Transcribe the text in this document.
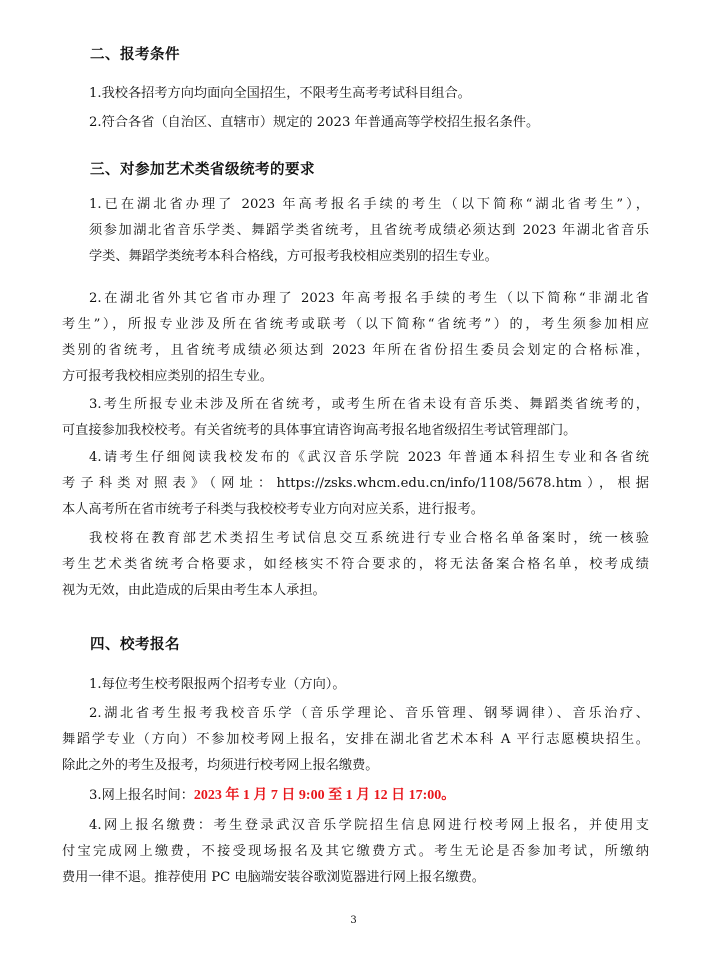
二、报考条件
1.我校各招考方向均面向全国招生，不限考生高考考试科目组合。
2.符合各省（自治区、直辖市）规定的 2023 年普通高等学校招生报名条件。
三、对参加艺术类省级统考的要求
1.已在湖北省办理了 2023 年高考报名手续的考生（以下简称“湖北省考生”），
须参加湖北省音乐学类、舞蹈学类省统考，且省统考成绩必须达到 2023 年湖北省音乐
学类、舞蹈学类统考本科合格线，方可报考我校相应类别的招生专业。
2.在湖北省外其它省市办理了 2023 年高考报名手续的考生（以下简称“非湖北省
考生”），所报专业涉及所在省统考或联考（以下简称“省统考”）的，考生须参加相应
类别的省统考，且省统考成绩必须达到 2023 年所在省份招生委员会划定的合格标准，
方可报考我校相应类别的招生专业。
3.考生所报专业未涉及所在省统考，或考生所在省未设有音乐类、舞蹈类省统考的，
可直接参加我校校考。有关省统考的具体事宜请咨询高考报名地省级招生考试管理部门。
4.请考生仔细阅读我校发布的《武汉音乐学院 2023 年普通本科招生专业和各省统
考子科类对照表》（网址：https://zsks.whcm.edu.cn/info/1108/5678.htm），根据
本人高考所在省市统考子科类与我校校考专业方向对应关系，进行报考。
我校将在教育部艺术类招生考试信息交互系统进行专业合格名单备案时，统一核验
考生艺术类省统考合格要求，如经核实不符合要求的，将无法备案合格名单，校考成绩
视为无效，由此造成的后果由考生本人承担。
四、校考报名
1.每位考生校考限报两个招考专业（方向）。
2.湖北省考生报考我校音乐学（音乐学理论、音乐管理、钢琴调律）、音乐治疗、
舞蹈学专业（方向）不参加校考网上报名，安排在湖北省艺术本科 A 平行志愿模块招生。
除此之外的考生及报考，均须进行校考网上报名缴费。
3.网上报名时间：2023 年 1 月 7 日 9:00 至 1 月 12 日 17:00。
4.网上报名缴费：考生登录武汉音乐学院招生信息网进行校考网上报名，并使用支
付宝完成网上缴费，不接受现场报名及其它缴费方式。考生无论是否参加考试，所缴纳
费用一律不退。推荐使用 PC 电脑端安装谷歌浏览器进行网上报名缴费。
3
